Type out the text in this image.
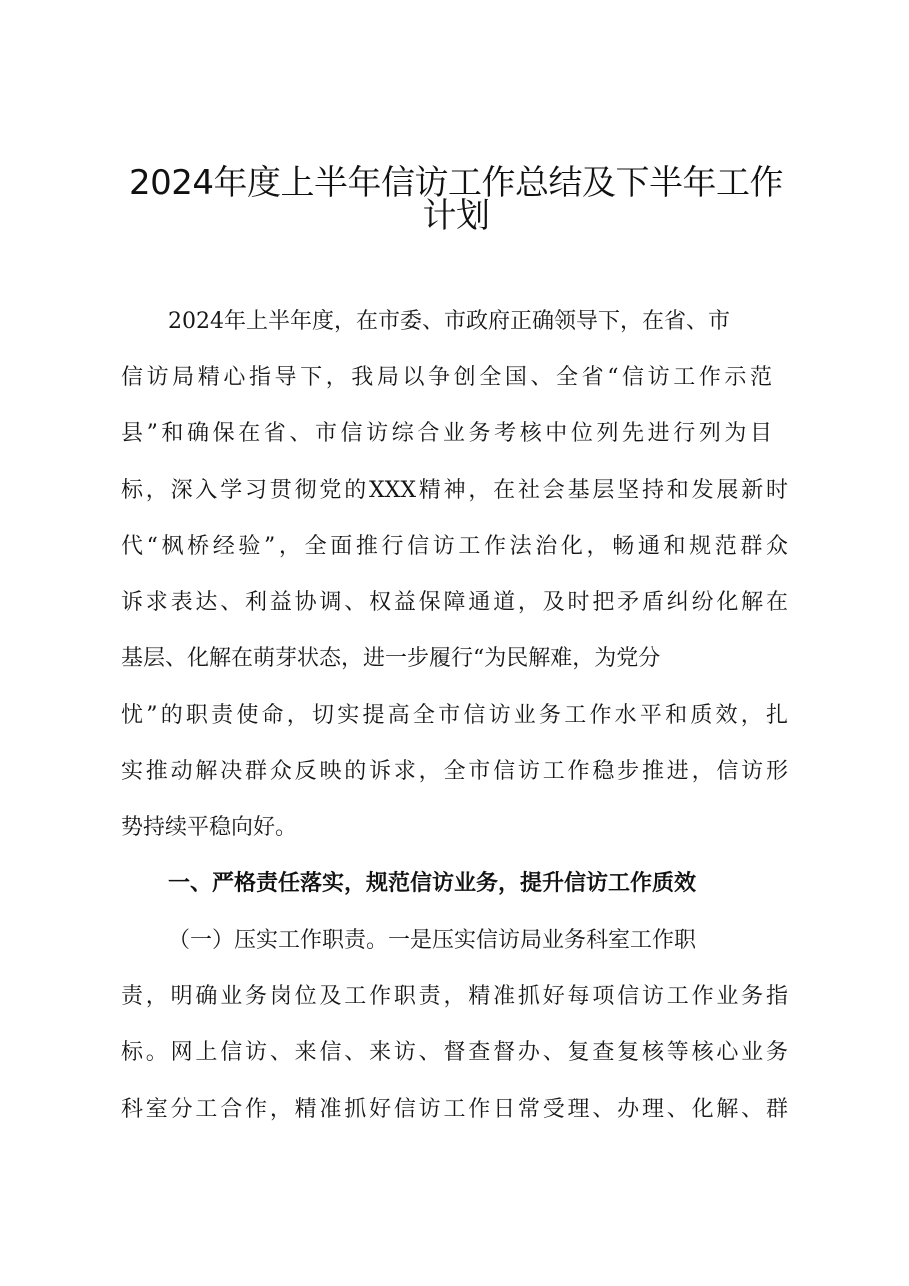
2024年度上半年信访工作总结及下半年工作
计划
2024年上半年度，在市委、市政府正确领导下，在省、市
信访局精心指导下，我局以争创全国、全省“信访工作示范
县”和确保在省、市信访综合业务考核中位列先进行列为目
标，深入学习贯彻党的XXX精神，在社会基层坚持和发展新时
代“枫桥经验”，全面推行信访工作法治化，畅通和规范群众
诉求表达、利益协调、权益保障通道，及时把矛盾纠纷化解在
基层、化解在萌芽状态，进一步履行“为民解难，为党分
忧”的职责使命，切实提高全市信访业务工作水平和质效，扎
实推动解决群众反映的诉求，全市信访工作稳步推进，信访形
势持续平稳向好。
一、严格责任落实，规范信访业务，提升信访工作质效
（一）压实工作职责。一是压实信访局业务科室工作职
责，明确业务岗位及工作职责，精准抓好每项信访工作业务指
标。网上信访、来信、来访、督查督办、复查复核等核心业务
科室分工合作，精准抓好信访工作日常受理、办理、化解、群
